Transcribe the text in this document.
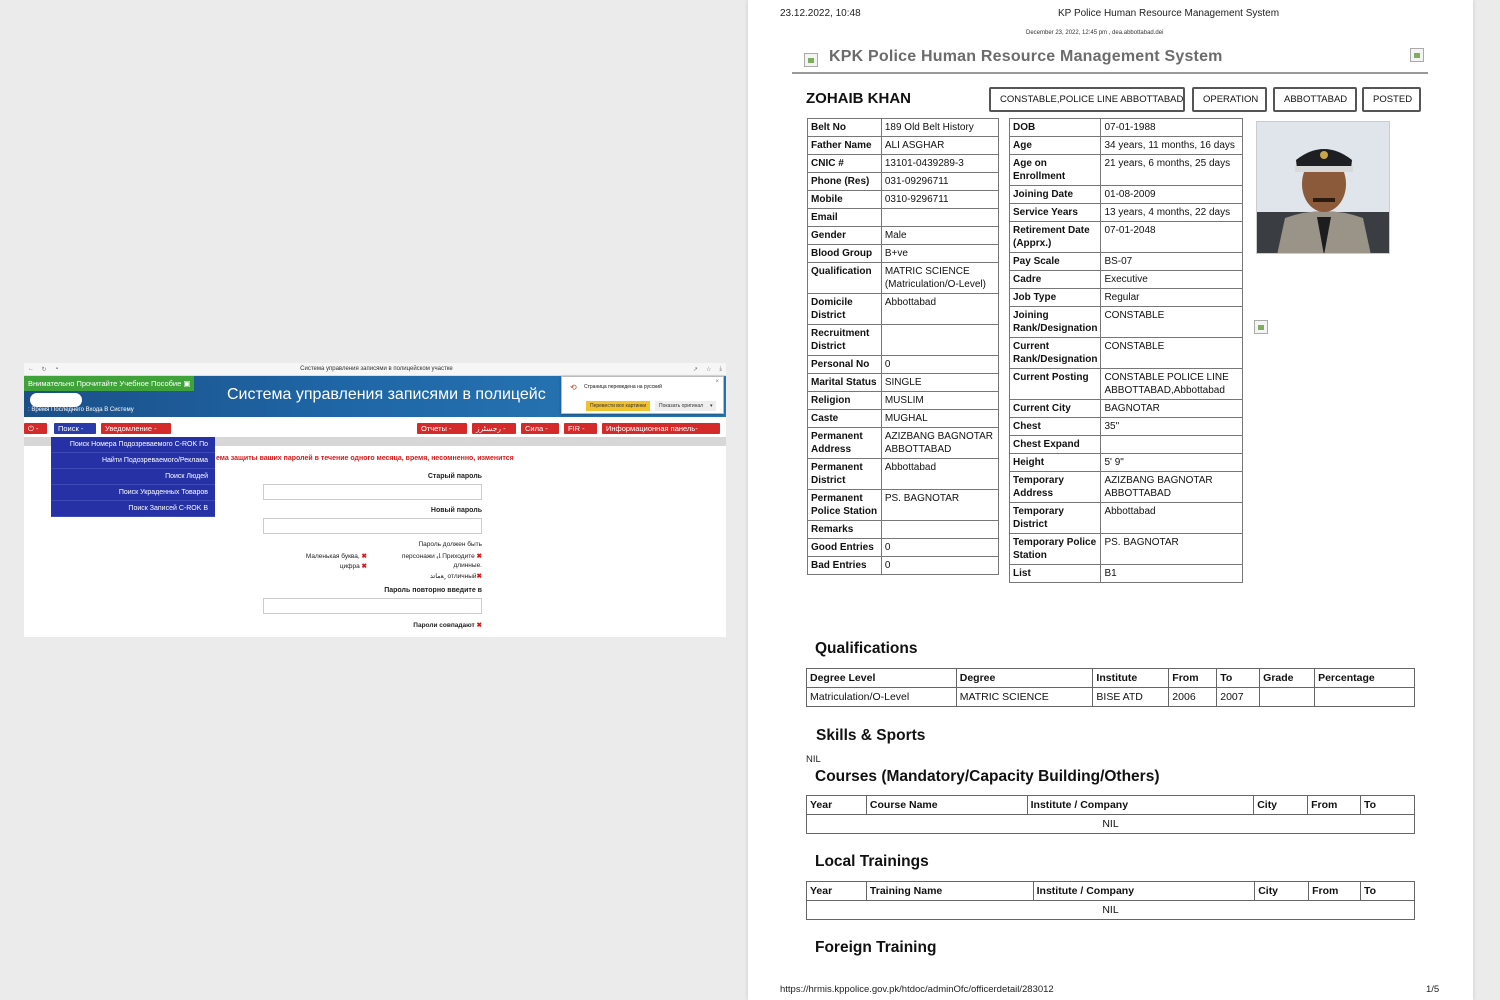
← ↻	▪	Система управления записями в полицейском участке	↗ ☆ ⤓
Внимательно Прочитайте Учебное Пособие ▣
: Время Последнего Входа В Систему
Система управления записями в полицейс	⟲ Страница переведена на русский
×
Перевести все картинки	Показать оригинал	▾
⏻ -	Поиск -	Уведомление -	Отчеты -	رجسٹرز -	Сила -	FIR -	Информационная панель-
Поиск Номера Подозреваемого C-ROK По
Найти Подозреваемого/Реклама
Поиск Людей
Поиск Украденных Товаров
Поиск Записей C-ROK В
ема защиты ваших паролей в течение одного месяца, время, несомненно, изменится
Старый пароль
Новый пароль
Пароль должен быть
Маленькая буква, ✖
цифра ✖
персонажи ﺎﻳ Приходите ✖
длинные.
ﻌﻣﺎﺗﺪ ٍ отличный✖
Пароль повторно введите в
Пароли совпадают ✖
23.12.2022, 10:48	KP Police Human Resource Management System
December 23, 2022, 12:45 pm , dea.abbottabad.dei
KPK Police Human Resource Management System
ZOHAIB KHAN	CONSTABLE,POLICE LINE ABBOTTABAD	OPERATION	ABBOTTABAD	POSTED
Belt No	189 Old Belt History
Father Name	ALI ASGHAR
CNIC #	13101-0439289-3
Phone (Res)	031-09296711
Mobile	0310-9296711
Email	
Gender	Male
Blood Group	B+ve
Qualification	MATRIC SCIENCE (Matriculation/O-Level)
Domicile District	Abbottabad
Recruitment District	
Personal No	0
Marital Status	SINGLE
Religion	MUSLIM
Caste	MUGHAL
Permanent Address	AZIZBANG BAGNOTAR ABBOTTABAD
Permanent District	Abbottabad
Permanent Police Station	PS. BAGNOTAR
Remarks	
Good Entries	0
Bad Entries	0
DOB	07-01-1988
Age	34 years, 11 months, 16 days
Age on Enrollment	21 years, 6 months, 25 days
Joining Date	01-08-2009
Service Years	13 years, 4 months, 22 days
Retirement Date (Apprx.)	07-01-2048
Pay Scale	BS-07
Cadre	Executive
Job Type	Regular
Joining Rank/Designation	CONSTABLE
Current Rank/Designation	CONSTABLE
Current Posting	CONSTABLE POLICE LINE ABBOTTABAD,Abbottabad
Current City	BAGNOTAR
Chest	35"
Chest Expand	
Height	5' 9"
Temporary Address	AZIZBANG BAGNOTAR ABBOTTABAD
Temporary District	Abbottabad
Temporary Police Station	PS. BAGNOTAR
List	B1
Qualifications
Degree Level	Degree	Institute	From	To	Grade	Percentage
Matriculation/O-Level	MATRIC SCIENCE	BISE ATD	2006	2007		
Skills & Sports
NIL
Courses (Mandatory/Capacity Building/Others)
Year	Course Name	Institute / Company	City	From	To
NIL
Local Trainings
Year	Training Name	Institute / Company	City	From	To
NIL
Foreign Training
https://hrmis.kppolice.gov.pk/htdoc/adminOfc/officerdetail/283012	1/5
